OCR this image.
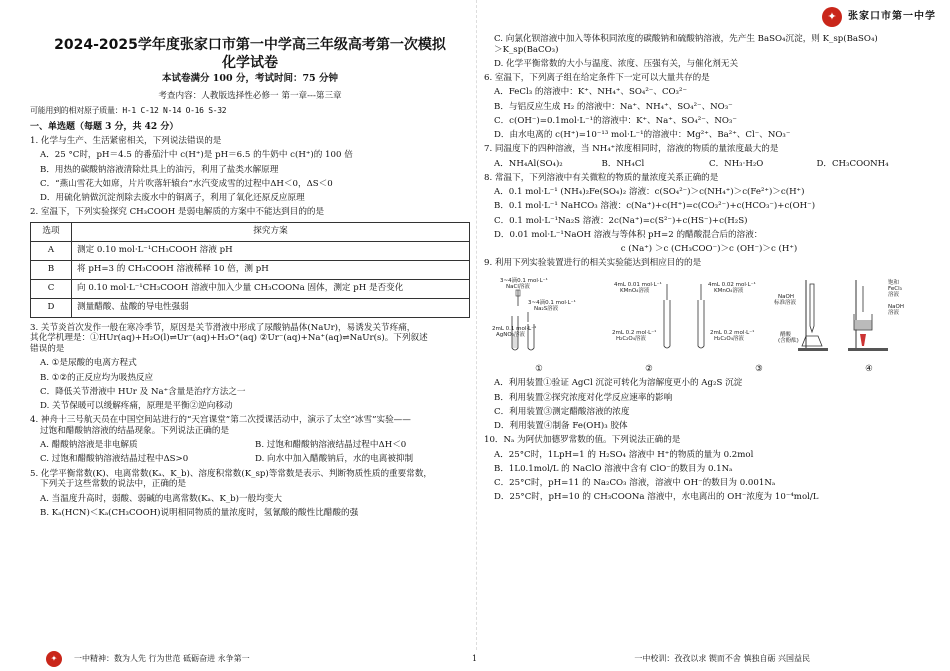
✦	张家口市第一中学
2024-2025学年度张家口市第一中学高三年级高考第一次模拟
化学试卷
本试卷满分 100 分，考试时间：75 分钟
考查内容：人教版选择性必修一 第一章---第三章
可能用到的相对原子质量：H-1 C-12 N-14 O-16 S-32
一、单选题（每题 3 分，共 42 分）

1. 化学与生产、生活紧密相关，下列说法错误的是

A．25 °C时，pH＝4.5 的番茄汁中 c(H⁺)是 pH＝6.5 的牛奶中 c(H⁺)的 100 倍

B．用热的碳酸钠溶液清除灶具上的油污，利用了盐类水解原理

C．“燕山雪花大如席，片片吹落轩辕台”水汽变成雪的过程中ΔH＜0，ΔS＜0

D．用硫化钠做沉淀剂除去废水中的铜离子，利用了氧化还原反应原理

2. 室温下，下列实验探究 CH₃COOH 是弱电解质的方案中不能达到目的的是

选项	探究方案
A	测定 0.10 mol·L⁻¹CH₃COOH 溶液 pH
B	将 pH=3 的 CH₃COOH 溶液稀释 10 倍，测 pH
C	向 0.10 mol·L⁻¹CH₃COOH 溶液中加入少量 CH₃COONa 固体，测定 pH 是否变化
D	测量醋酸、盐酸的导电性强弱

3. 关节炎首次发作一般在寒冷季节，原因是关节滑液中形成了尿酸钠晶体(NaUr)，易诱发关节疼痛，

其化学机理是：①HUr(aq)+H₂O(l)⇌Ur⁻(aq)+H₃O⁺(aq) ②Ur⁻(aq)+Na⁺(aq)⇌NaUr(s)。下列叙述

错误的是

A. ①是尿酸的电离方程式

B. ①②的正反应均为吸热反应

C．降低关节滑液中 HUr 及 Na⁺含量是治疗方法之一

D. 关节保暖可以缓解疼痛，原理是平衡②逆向移动

4. 神舟十三号航天员在中国空间站进行的“天宫课堂”第二次授课活动中，演示了太空“冰雪”实验——

过饱和醋酸钠溶液的结晶现象。下列说法正确的是

A. 醋酸钠溶液是非电解质	B. 过饱和醋酸钠溶液结晶过程中ΔH＜0
C. 过饱和醋酸钠溶液结晶过程中ΔS>0	D. 向水中加入醋酸钠后，水的电离被抑制

5. 化学平衡常数(K)、电离常数(Kₐ、K_b)、溶度积常数(K_sp)等常数是表示、判断物质性质的重要常数，

下列关于这些常数的说法中，正确的是

A. 当温度升高时，弱酸、弱碱的电离常数(Kₐ、K_b)一般均变大

B. Kₐ(HCN)＜Kₐ(CH₃COOH)说明相同物质的量浓度时，氢氰酸的酸性比醋酸的强

C. 向氯化钡溶液中加入等体积同浓度的碳酸钠和硫酸钠溶液，先产生 BaSO₄沉淀，则 K_sp(BaSO₄)

＞K_sp(BaCO₃)

D. 化学平衡常数的大小与温度、浓度、压强有关，与催化剂无关

6. 室温下，下列离子组在给定条件下一定可以大量共存的是

A．FeCl₃ 的溶液中：K⁺、NH₄⁺、SO₄²⁻、CO₃²⁻

B．与铝反应生成 H₂ 的溶液中：Na⁺、NH₄⁺、SO₄²⁻、NO₃⁻

C．c(OH⁻)=0.1mol·L⁻¹的溶液中：K⁺、Na⁺、SO₄²⁻、NO₃⁻

D．由水电离的 c(H⁺)=10⁻¹³ mol·L⁻¹的溶液中：Mg²⁺、Ba²⁺、Cl⁻、NO₃⁻

7. 同温度下的四种溶液，当 NH₄⁺浓度相同时，溶液的物质的量浓度最大的是

A．NH₄Al(SO₄)₂	B．NH₄Cl	C．NH₃·H₂O	D．CH₃COONH₄

8. 常温下，下列溶液中有关微粒的物质的量浓度关系正确的是

A．0.1 mol·L⁻¹ (NH₄)₂Fe(SO₄)₂ 溶液：c(SO₄²⁻)＞c(NH₄⁺)＞c(Fe²⁺)＞c(H⁺)

B．0.1 mol·L⁻¹ NaHCO₃ 溶液：c(Na⁺)+c(H⁺)=c(CO₃²⁻)+c(HCO₃⁻)+c(OH⁻)

C．0.1 mol·L⁻¹Na₂S 溶液：2c(Na⁺)=c(S²⁻)+c(HS⁻)+c(H₂S)

D．0.01 mol·L⁻¹NaOH 溶液与等体积 pH=2 的醋酸混合后的溶液：

c (Na⁺) ＞c (CH₃COO⁻)＞c (OH⁻)＞c (H⁺)

9. 利用下列实验装置进行的相关实验能达到相应目的的是

3~4滴0.1 mol·L⁻¹
NaCl溶液
3~4滴0.1 mol·L⁻¹
Na₂S溶液
2mL 0.1 mol·L⁻¹
AgNO₃溶液
4mL 0.01 mol·L⁻¹
KMnO₄溶液
4mL 0.02 mol·L⁻¹
KMnO₄溶液
2mL 0.2 mol·L⁻¹
H₂C₂O₄溶液
2mL 0.2 mol·L⁻¹
H₂C₂O₄溶液
NaOH
标准溶液
醋酸
(含酚酞)
饱和
FeCl₃
溶液
NaOH
溶液
①	②	③	④

A．利用装置①验证 AgCl 沉淀可转化为溶解度更小的 Ag₂S 沉淀

B．利用装置②探究浓度对化学反应速率的影响

C．利用装置③测定醋酸溶液的浓度

D．利用装置④制备 Fe(OH)₃ 胶体

10．Nₐ 为阿伏加德罗常数的值。下列说法正确的是

A．25°C时，1LpH=1 的 H₂SO₄ 溶液中 H⁺的物质的量为 0.2mol

B．1L0.1mol/L 的 NaClO 溶液中含有 ClO⁻的数目为 0.1Nₐ

C．25°C时，pH=11 的 Na₂CO₃ 溶液，溶液中 OH⁻的数目为 0.001Nₐ

D．25°C时，pH=10 的 CH₃COONa 溶液中，水电离出的 OH⁻浓度为 10⁻⁴mol/L

✦	一中精神：数为人先 行为世范 砥砺奋进 永争第一	1	一中校训：孜孜以求 锲而不舍 慎独自砺 兴国益民
